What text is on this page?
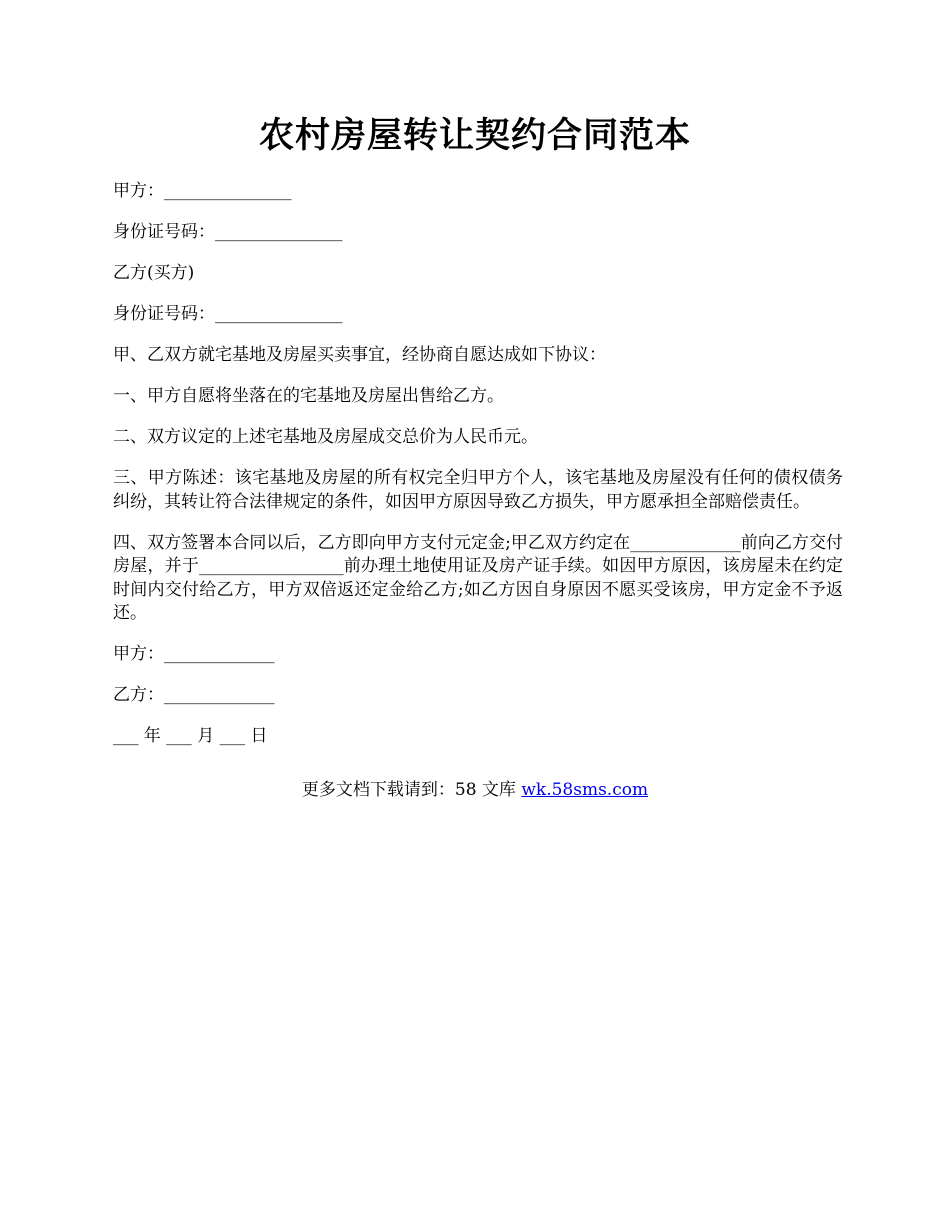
农村房屋转让契约合同范本

甲方：_______________

身份证号码：_______________

乙方(买方)

身份证号码：_______________

甲、乙双方就宅基地及房屋买卖事宜，经协商自愿达成如下协议：

一、甲方自愿将坐落在的宅基地及房屋出售给乙方。

二、双方议定的上述宅基地及房屋成交总价为人民币元。

三、甲方陈述：该宅基地及房屋的所有权完全归甲方个人，该宅基地及房屋没有任何的债权债务纠纷，其转让符合法律规定的条件，如因甲方原因导致乙方损失，甲方愿承担全部赔偿责任。

四、双方签署本合同以后，乙方即向甲方支付元定金;甲乙双方约定在_____________前向乙方交付房屋，并于_________________前办理土地使用证及房产证手续。如因甲方原因，该房屋未在约定时间内交付给乙方，甲方双倍返还定金给乙方;如乙方因自身原因不愿买受该房，甲方定金不予返还。

甲方：_____________

乙方：_____________

___ 年 ___ 月 ___ 日

更多文档下载请到：58 文库 wk.58sms.com
